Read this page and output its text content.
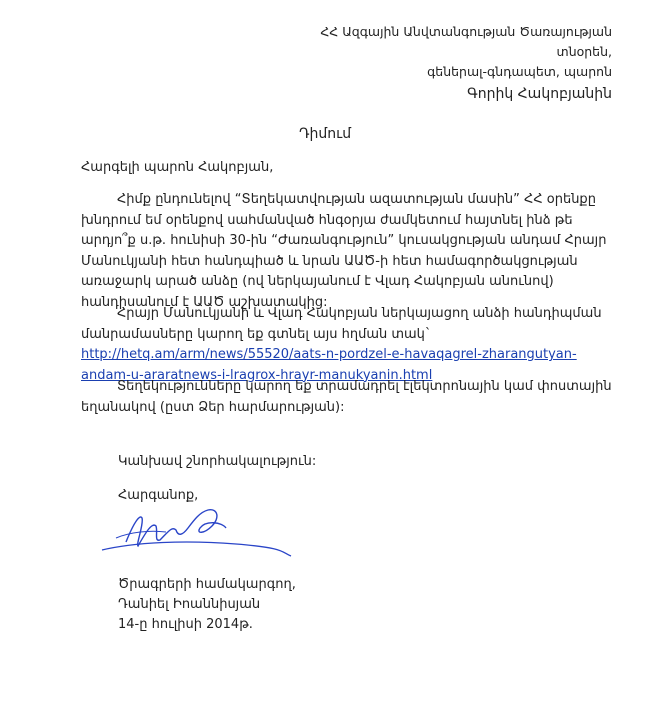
ՀՀ Ազգային Անվտանգության Ծառայության
տնօրեն,
գեներալ-գնդապետ, պարոն
Գորիկ Հակոբյանին
Դիմում
Հարգելի պարոն Հակոբյան,
Հիմք ընդունելով “Տեղեկատվության ազատության մասին” ՀՀ օրենքը խնդրում եմ օրենքով սահմանված հնգօրյա ժամկետում հայտնել ինձ թե արդյո՞ք ս.թ. հունիսի 30-ին “Ժառանգություն” կուսակցության անդամ Հրայր Մանուկյանի հետ հանդպիած և նրան ԱԱԾ-ի հետ համագործակցության առաջարկ արած անձը (ով ներկայանում է Վլադ Հակոբյան անունով) հանդիսանում է ԱԱԾ աշխատակից:
Հրայր Մանուկյանի և Վլադ Հակոբյան ներկայացող անձի հանդիպման մանրամասները կարող եք գտնել այս հղման տակ` http://hetq.am/arm/news/55520/aats-n-pordzel-e-havaqagrel-zharangutyan-andam-u-araratnews-i-lragrox-hrayr-manukyanin.html
Տեղեկությունները կարող եք տրամադրել էլեկտրոնային կամ փոստային եղանակով (ըստ Ձեր հարմարության):
Կանխավ շնորհակալություն:
Հարգանոք,
Ծրագրերի համակարգող,
Դանիել Իոաննիսյան
14-ը հուլիսի 2014թ.
